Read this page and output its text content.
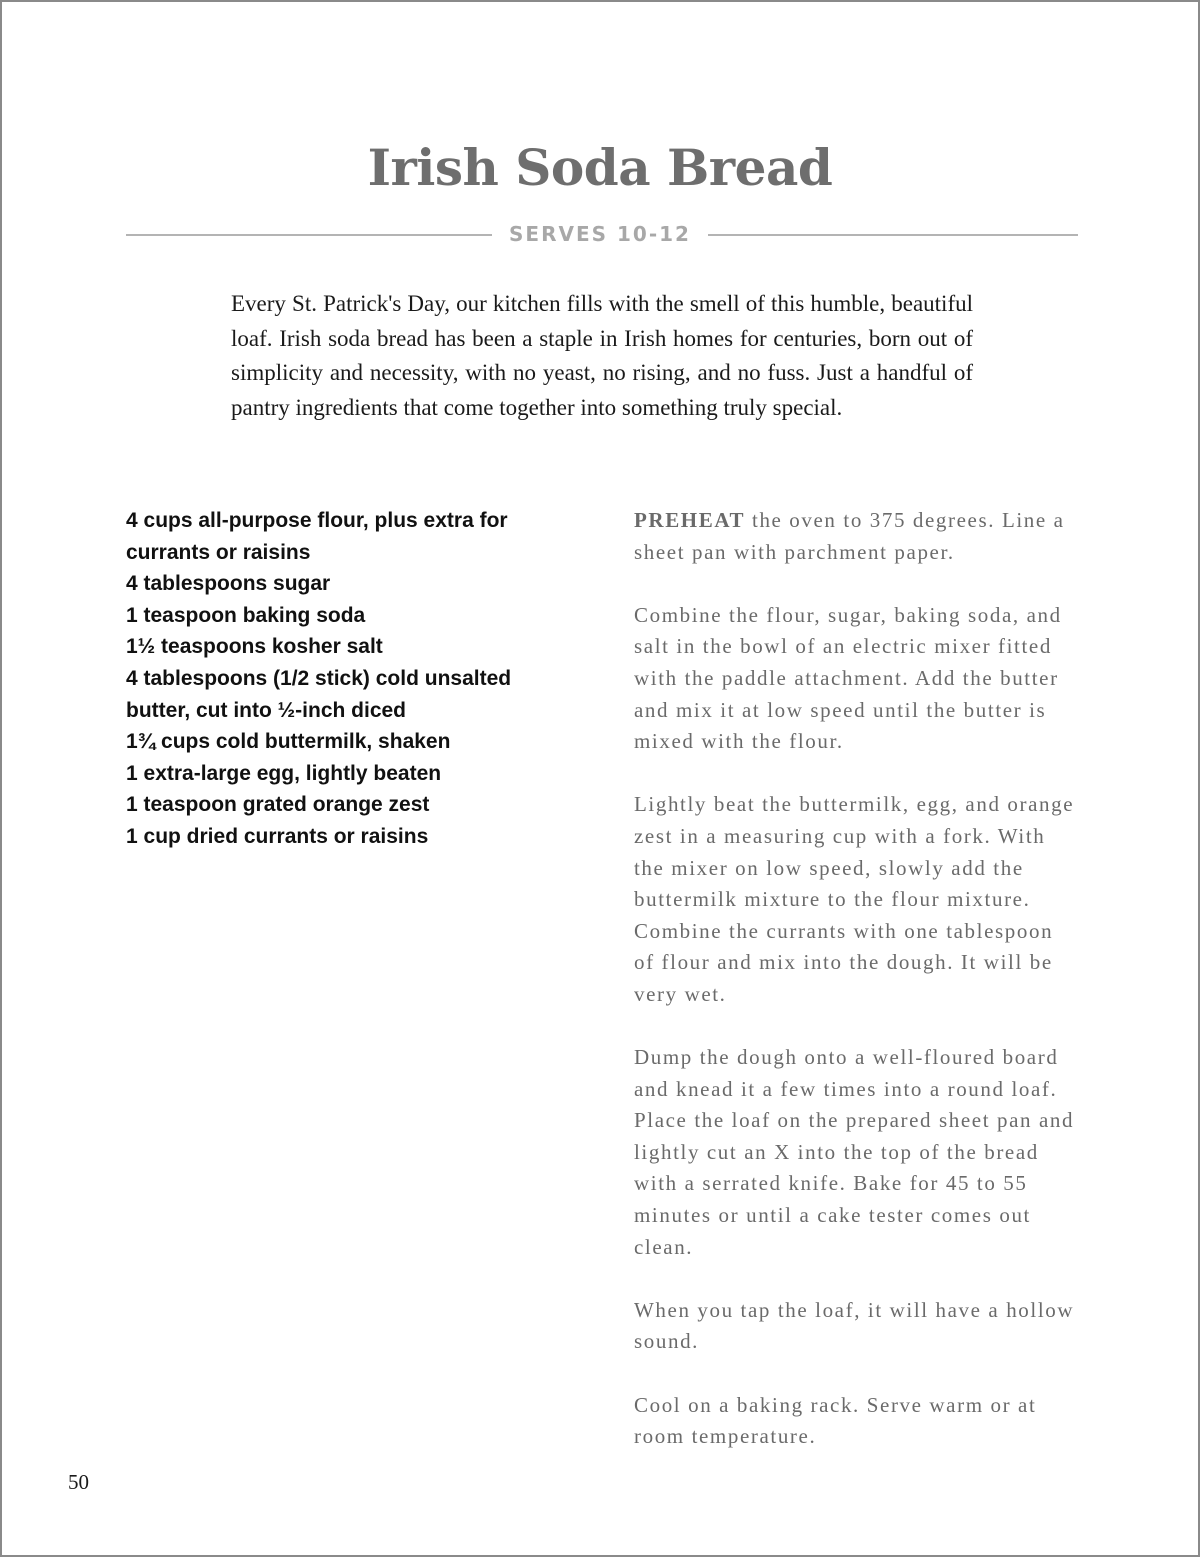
Irish Soda Bread
SERVES 10-12

Every St. Patrick's Day, our kitchen fills with the smell of this humble, beautiful loaf. Irish soda bread has been a staple in Irish homes for centuries, born out of simplicity and necessity, with no yeast, no rising, and no fuss. Just a handful of pantry ingredients that come together into something truly special.

4 cups all-purpose flour, plus extra for currants or raisins
4 tablespoons sugar
1 teaspoon baking soda
1½ teaspoons kosher salt
4 tablespoons (1/2 stick) cold unsalted butter, cut into ½-inch diced
1¾ cups cold buttermilk, shaken
1 extra-large egg, lightly beaten
1 teaspoon grated orange zest
1 cup dried currants or raisins

PREHEAT the oven to 375 degrees. Line a sheet pan with parchment paper.

Combine the flour, sugar, baking soda, and salt in the bowl of an electric mixer fitted with the paddle attachment. Add the butter and mix it at low speed until the butter is mixed with the flour.

Lightly beat the buttermilk, egg, and orange zest in a measuring cup with a fork. With the mixer on low speed, slowly add the buttermilk mixture to the flour mixture. Combine the currants with one tablespoon of flour and mix into the dough. It will be very wet.

Dump the dough onto a well-floured board and knead it a few times into a round loaf. Place the loaf on the prepared sheet pan and lightly cut an X into the top of the bread with a serrated knife. Bake for 45 to 55 minutes or until a cake tester comes out clean.

When you tap the loaf, it will have a hollow sound.

Cool on a baking rack. Serve warm or at room temperature.

50
